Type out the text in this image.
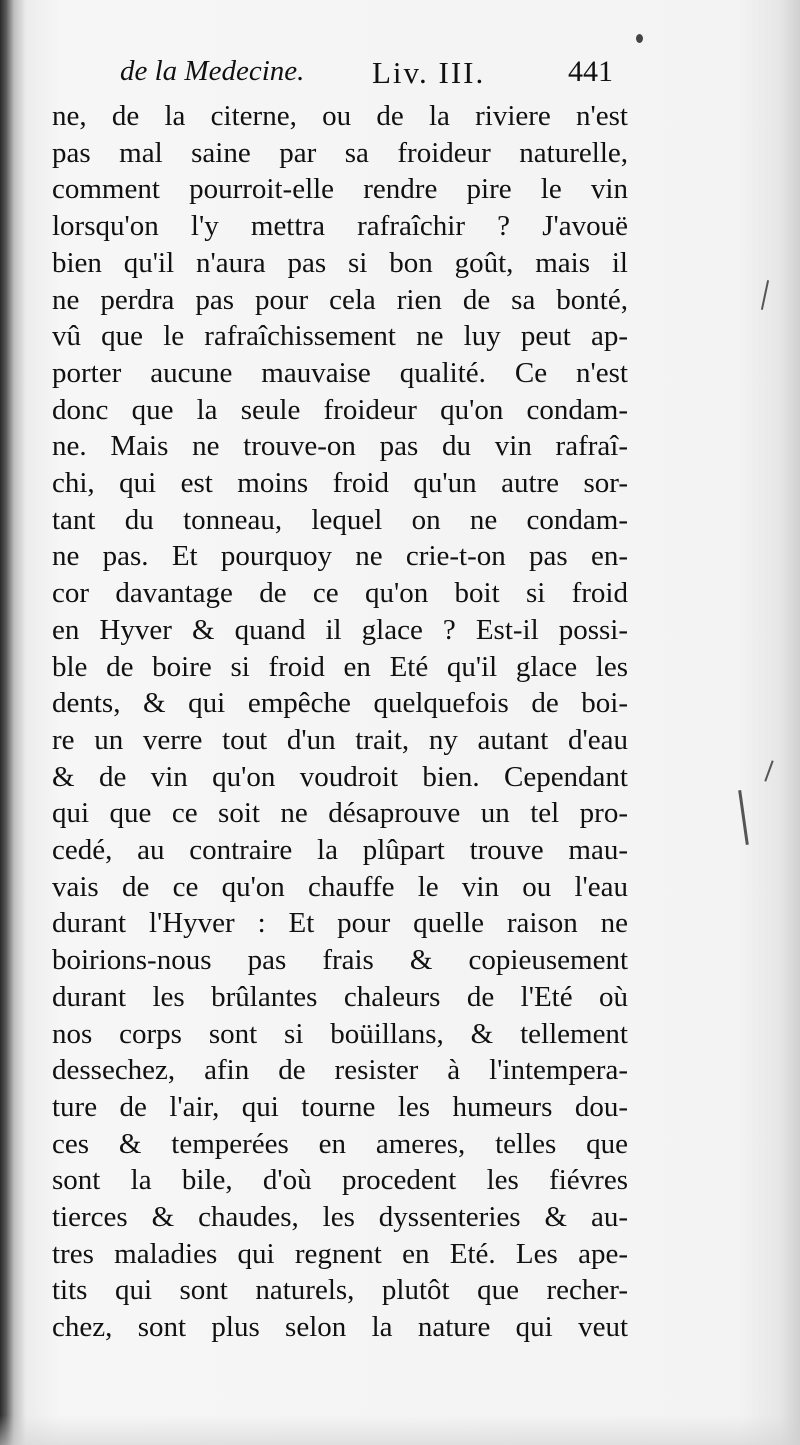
de la Medecine. Liv. III.	441
ne, de la citerne, ou de la riviere n'est
pas mal saine par sa froideur naturelle,
comment pourroit-elle rendre pire le vin
lorsqu'on l'y mettra rafraîchir ? J'avouë
bien qu'il n'aura pas si bon goût, mais il
ne perdra pas pour cela rien de sa bonté,
vû que le rafraîchissement ne luy peut ap-
porter aucune mauvaise qualité. Ce n'est
donc que la seule froideur qu'on condam-
ne. Mais ne trouve-on pas du vin rafraî-
chi, qui est moins froid qu'un autre sor-
tant du tonneau, lequel on ne condam-
ne pas. Et pourquoy ne crie-t-on pas en-
cor davantage de ce qu'on boit si froid
en Hyver & quand il glace ? Est-il possi-
ble de boire si froid en Eté qu'il glace les
dents, & qui empêche quelquefois de boi-
re un verre tout d'un trait, ny autant d'eau
& de vin qu'on voudroit bien. Cependant
qui que ce soit ne désaprouve un tel pro-
cedé, au contraire la plûpart trouve mau-
vais de ce qu'on chauffe le vin ou l'eau
durant l'Hyver : Et pour quelle raison ne
boirions-nous pas frais & copieusement
durant les brûlantes chaleurs de l'Eté où
nos corps sont si boüillans, & tellement
dessechez, afin de resister à l'intempera-
ture de l'air, qui tourne les humeurs dou-
ces & temperées en ameres, telles que
sont la bile, d'où procedent les fiévres
tierces & chaudes, les dyssenteries & au-
tres maladies qui regnent en Eté. Les ape-
tits qui sont naturels, plutôt que recher-
chez, sont plus selon la nature qui veut
